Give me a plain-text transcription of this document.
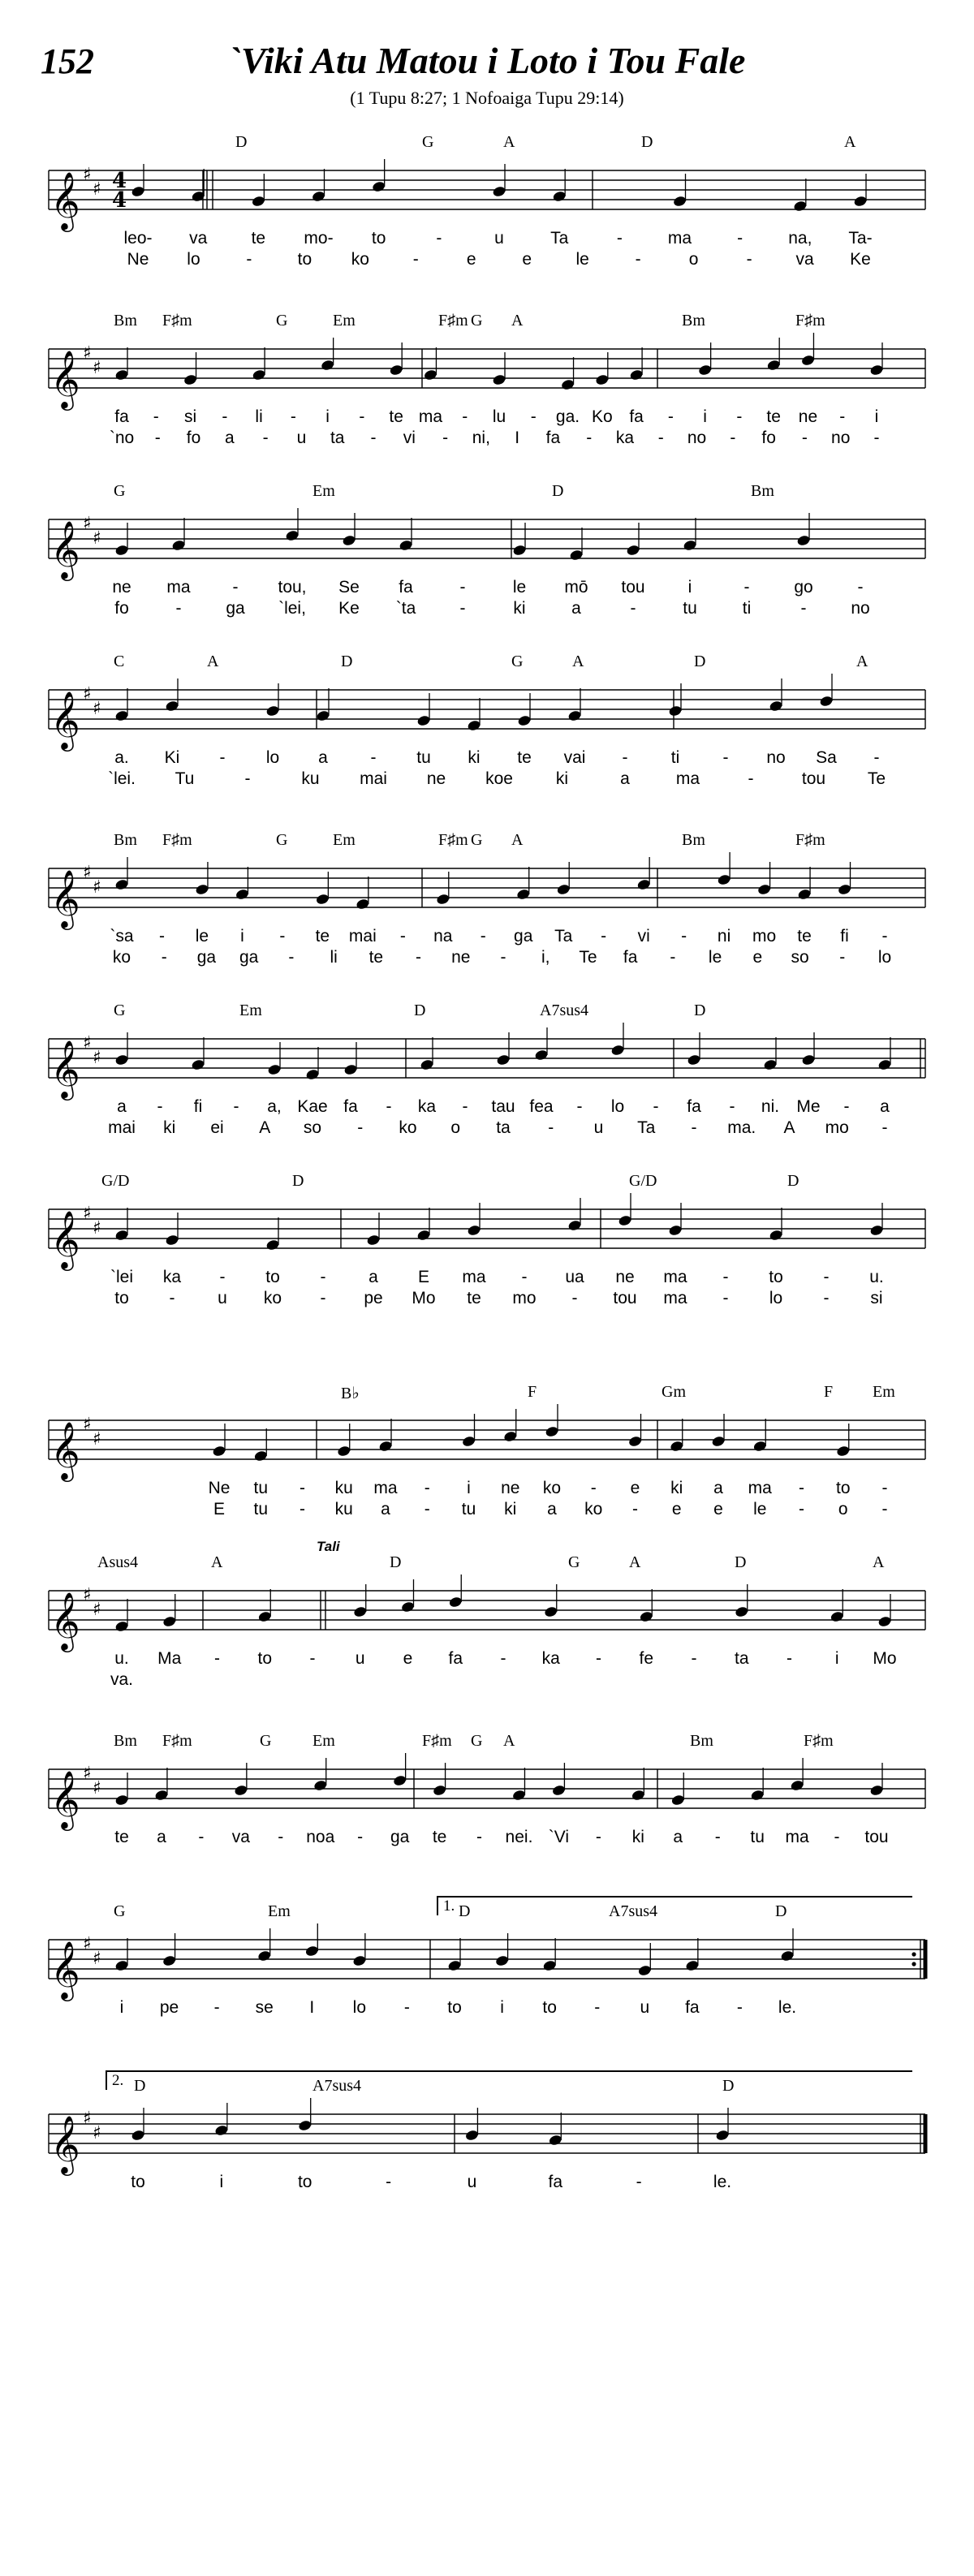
152	`Viki Atu Matou i Loto i Tou Fale
(1 Tupu 8:27; 1 Nofoaiga Tupu 29:14)
D	G	A	D	A
𝄞 ♯
♯ 4
4
leo- va	te mo- to	-	u	Ta	-	ma	-	na, Ta-
Ne lo	-	to ko	-	e	e	le	-	o	-	va Ke
Bm F♯m	G	Em	F♯m G A	Bm	F♯m
𝄞 ♯
♯
fa - si - li - i - te ma - lu - ga. Ko fa - i - te ne - i
`no - fo a - u ta - vi - ni, I fa - ka - no - fo - no -
G	Em	D	Bm
𝄞 ♯
♯
ne ma - tou, Se fa	-	le mō tou	i	-	go	-
fo	-	ga `lei, Ke `ta	-	ki	a	-	tu	ti	-	no
C	A	D	G	A	D	A
𝄞 ♯
♯
a. Ki - lo a	- tu ki te vai -	ti	- no Sa -
`lei. Tu	-	ku mai ne koe	ki	a	ma	-	tou Te
Bm F♯m	G	Em	F♯m G A	Bm	F♯m
𝄞 ♯
♯
`sa - le i - te mai - na - ga Ta - vi - ni mo te fi -
ko - ga ga - li te - ne - i, Te fa - le e so - lo
G	Em	D	A7sus4	D
𝄞 ♯
♯
a - fi - a, Kae fa - ka - tau fea - lo - fa - ni. Me - a
mai ki ei A so - ko o ta - u Ta - ma. A mo -
G/D	D	G/D	D
𝄞 ♯
♯
`lei ka - to -	a E ma - ua ne ma - to - u.
to -	u ko - pe Mo te mo - tou ma - lo - si
B♭	F	Gm	F Em
𝄞 ♯
♯
Ne tu - ku ma - i ne ko - e ki a ma - to -
E tu - ku a - tu ki a ko - e e le - o -
Tali
Asus4	A	D	G	A	D	A
𝄞 ♯
♯
u. Ma - to - u e fa - ka - fe - ta -	i Mo
va.
Bm F♯m	G	Em	F♯m G A	Bm	F♯m
𝄞 ♯
♯
te a - va - noa - ga te - nei. `Vi - ki a - tu ma - tou
1.
G	Em	D	A7sus4	D
𝄞 ♯
♯
i pe - se I lo - to i to - u fa - le.
2. D	A7sus4	D
𝄞 ♯
♯
to	i	to	-	u	fa	-	le.
